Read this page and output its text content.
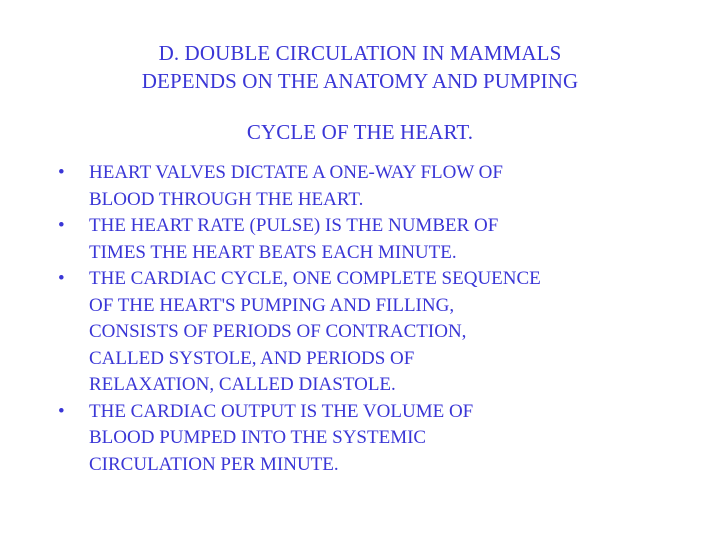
D. DOUBLE CIRCULATION IN MAMMALS
DEPENDS ON THE ANATOMY AND PUMPING
CYCLE OF THE HEART.
•	HEART VALVES DICTATE A ONE-WAY FLOW OF
BLOOD THROUGH THE HEART.
•	THE HEART RATE (PULSE) IS THE NUMBER OF
TIMES THE HEART BEATS EACH MINUTE.
•	THE CARDIAC CYCLE, ONE COMPLETE SEQUENCE
OF THE HEART'S PUMPING AND FILLING,
CONSISTS OF PERIODS OF CONTRACTION,
CALLED SYSTOLE, AND PERIODS OF
RELAXATION, CALLED DIASTOLE.
•	THE CARDIAC OUTPUT IS THE VOLUME OF
BLOOD PUMPED INTO THE SYSTEMIC
CIRCULATION PER MINUTE.
